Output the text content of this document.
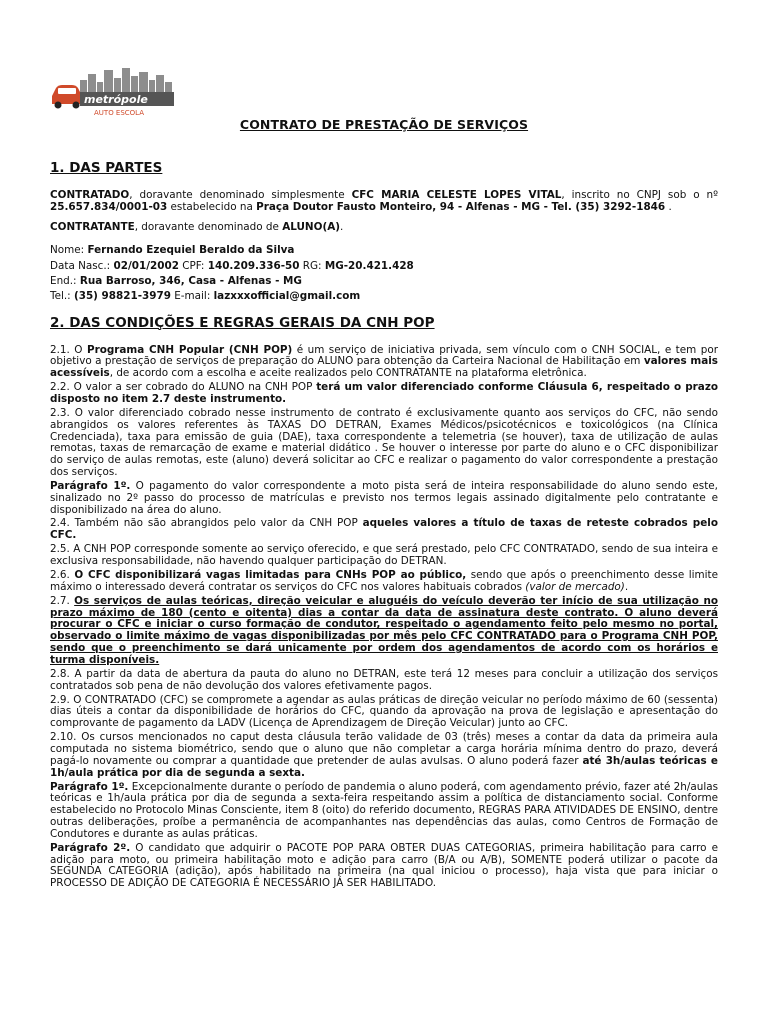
metrópole
AUTO ESCOLA
CONTRATO DE PRESTAÇÃO DE SERVIÇOS
1. DAS PARTES

CONTRATADO, doravante denominado simplesmente CFC MARIA CELESTE LOPES VITAL, inscrito no CNPJ sob o nº 25.657.834/0001-03 estabelecido na Praça Doutor Fausto Monteiro, 94 - Alfenas - MG - Tel. (35) 3292-1846 .

CONTRATANTE, doravante denominado de ALUNO(A).

Nome: Fernando Ezequiel Beraldo da Silva

Data Nasc.: 02/01/2002 CPF: 140.209.336-50 RG: MG-20.421.428

End.: Rua Barroso, 346, Casa - Alfenas - MG

Tel.: (35) 98821-3979 E-mail: lazxxxofficial@gmail.com

2. DAS CONDIÇÕES E REGRAS GERAIS DA CNH POP

2.1. O Programa CNH Popular (CNH POP) é um serviço de iniciativa privada, sem vínculo com o CNH SOCIAL, e tem por objetivo a prestação de serviços de preparação do ALUNO para obtenção da Carteira Nacional de Habilitação em valores mais acessíveis, de acordo com a escolha e aceite realizados pelo CONTRATANTE na plataforma eletrônica.

2.2. O valor a ser cobrado do ALUNO na CNH POP terá um valor diferenciado conforme Cláusula 6, respeitado o prazo disposto no item 2.7 deste instrumento.

2.3. O valor diferenciado cobrado nesse instrumento de contrato é exclusivamente quanto aos serviços do CFC, não sendo abrangidos os valores referentes às TAXAS DO DETRAN, Exames Médicos/psicotécnicos e toxicológicos (na Clínica Credenciada), taxa para emissão de guia (DAE), taxa correspondente a telemetria (se houver), taxa de utilização de aulas remotas, taxas de remarcação de exame e material didático . Se houver o interesse por parte do aluno e o CFC disponibilizar do serviço de aulas remotas, este (aluno) deverá solicitar ao CFC e realizar o pagamento do valor correspondente a prestação dos serviços.

Parágrafo 1º. O pagamento do valor correspondente a moto pista será de inteira responsabilidade do aluno sendo este, sinalizado no 2º passo do processo de matrículas e previsto nos termos legais assinado digitalmente pelo contratante e disponibilizado na área do aluno.

2.4. Também não são abrangidos pelo valor da CNH POP aqueles valores a título de taxas de reteste cobrados pelo CFC.

2.5. A CNH POP corresponde somente ao serviço oferecido, e que será prestado, pelo CFC CONTRATADO, sendo de sua inteira e exclusiva responsabilidade, não havendo qualquer participação do DETRAN.

2.6. O CFC disponibilizará vagas limitadas para CNHs POP ao público, sendo que após o preenchimento desse limite máximo o interessado deverá contratar os serviços do CFC nos valores habituais cobrados (valor de mercado).

2.7. Os serviços de aulas teóricas, direção veicular e aluguéis do veículo deverão ter início de sua utilização no prazo máximo de 180 (cento e oitenta) dias a contar da data de assinatura deste contrato. O aluno deverá procurar o CFC e iniciar o curso formação de condutor, respeitado o agendamento feito pelo mesmo no portal, observado o limite máximo de vagas disponibilizadas por mês pelo CFC CONTRATADO para o Programa CNH POP, sendo que o preenchimento se dará unicamente por ordem dos agendamentos de acordo com os horários e turma disponíveis.

2.8. A partir da data de abertura da pauta do aluno no DETRAN, este terá 12 meses para concluir a utilização dos serviços contratados sob pena de não devolução dos valores efetivamente pagos.

2.9. O CONTRATADO (CFC) se compromete a agendar as aulas práticas de direção veicular no período máximo de 60 (sessenta) dias úteis a contar da disponibilidade de horários do CFC, quando da aprovação na prova de legislação e apresentação do comprovante de pagamento da LADV (Licença de Aprendizagem de Direção Veicular) junto ao CFC.

2.10. Os cursos mencionados no caput desta cláusula terão validade de 03 (três) meses a contar da data da primeira aula computada no sistema biométrico, sendo que o aluno que não completar a carga horária mínima dentro do prazo, deverá pagá-lo novamente ou comprar a quantidade que pretender de aulas avulsas. O aluno poderá fazer até 3h/aulas teóricas e 1h/aula prática por dia de segunda a sexta.

Parágrafo 1º. Excepcionalmente durante o período de pandemia o aluno poderá, com agendamento prévio, fazer até 2h/aulas teóricas e 1h/aula prática por dia de segunda a sexta-feira respeitando assim a política de distanciamento social. Conforme estabelecido no Protocolo Minas Consciente, item 8 (oito) do referido documento, REGRAS PARA ATIVIDADES DE ENSINO, dentre outras deliberações, proíbe a permanência de acompanhantes nas dependências das aulas, como Centros de Formação de Condutores e durante as aulas práticas.

Parágrafo 2º. O candidato que adquirir o PACOTE POP PARA OBTER DUAS CATEGORIAS, primeira habilitação para carro e adição para moto, ou primeira habilitação moto e adição para carro (B/A ou A/B), SOMENTE poderá utilizar o pacote da SEGUNDA CATEGORIA (adição), após habilitado na primeira (na qual iniciou o processo), haja vista que para iniciar o PROCESSO DE ADIÇÃO DE CATEGORIA É NECESSÁRIO JÁ SER HABILITADO.
